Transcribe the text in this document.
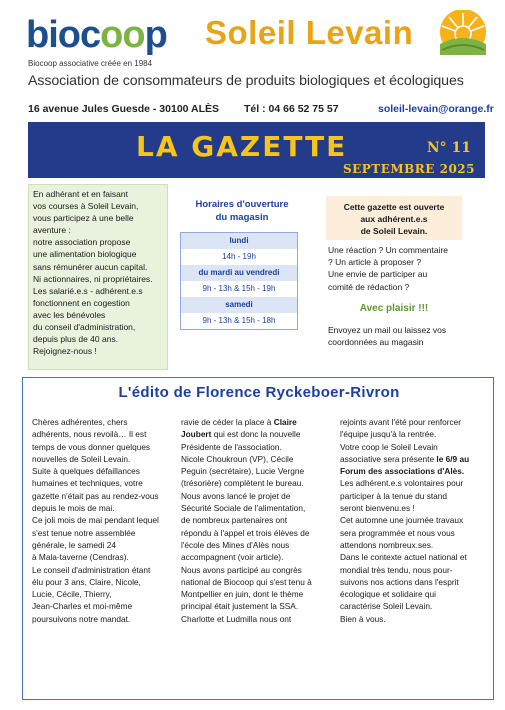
biocoop
Biocoop associative créée en 1984
Soleil Levain
Association de consommateurs de produits biologiques et écologiques
16 avenue Jules Guesde - 30100 ALÈS Tél : 04 66 52 75 57	soleil-levain@orange.fr
LA GAZETTE	N° 11
SEPTEMBRE 2025
En adhérant et en faisant
vos courses à Soleil Levain,
vous participez à une belle
aventure :
notre association propose
une alimentation biologique
sans rémunérer aucun capital.
Ni actionnaires, ni propriétaires.
Les salarié.e.s - adhérent.e.s
fonctionnent en cogestion
avec les bénévoles
du conseil d'administration,
depuis plus de 40 ans.
Rejoignez-nous !
Horaires d'ouverture
du magasin
lundi
14h - 19h
du mardi au vendredi
9h - 13h & 15h - 19h
samedi
9h - 13h & 15h - 18h
Cette gazette est ouverte
aux adhérent.e.s
de Soleil Levain.
Une réaction ? Un commentaire
? Un article à proposer ?
Une envie de participer au
comité de rédaction ?
Avec plaisir !!!
Envoyez un mail ou laissez vos
coordonnées au magasin
L'édito de Florence Ryckeboer-Rivron
Chères adhérentes, chers
adhérents, nous revoilà… Il est
temps de vous donner quelques
nouvelles de Soleil Levain.
Suite à quelques défaillances
humaines et techniques, votre
gazette n'était pas au rendez-vous
depuis le mois de mai.
Ce joli mois de mai pendant lequel
s'est tenue notre assemblée
générale, le samedi 24
à Mala-taverne (Cendras).
Le conseil d'administration étant
élu pour 3 ans, Claire, Nicole,
Lucie, Cécile, Thierry,
Jean-Charles et moi-même
poursuivons notre mandat.
ravie de céder la place à Claire
Joubert qui est donc la nouvelle
Présidente de l'association.
Nicole Choukroun (VP), Cécile
Peguin (secrétaire), Lucie Vergne
(trésorière) complètent le bureau.
Nous avons lancé le projet de
Sécurité Sociale de l'alimentation,
de nombreux partenaires ont
répondu à l'appel et trois élèves de
l'école des Mines d'Alès nous
accompagnent (voir article).
Nous avons participé au congrès
national de Biocoop qui s'est tenu à
Montpellier en juin, dont le thème
principal était justement la SSA.
Charlotte et Ludmilla nous ont
rejoints avant l'été pour renforcer
l'équipe jusqu'à la rentrée.
Votre coop le Soleil Levain
associative sera présente le 6/9 au
Forum des associations d'Alès.
Les adhérent.e.s volontaires pour
participer à la tenue du stand
seront bienvenu.es !
Cet automne une journée travaux
sera programmée et nous vous
attendons nombreux.ses.
Dans le contexte actuel national et
mondial très tendu, nous pour-
suivons nos actions dans l'esprit
écologique et solidaire qui
caractérise Soleil Levain.
Bien à vous.
